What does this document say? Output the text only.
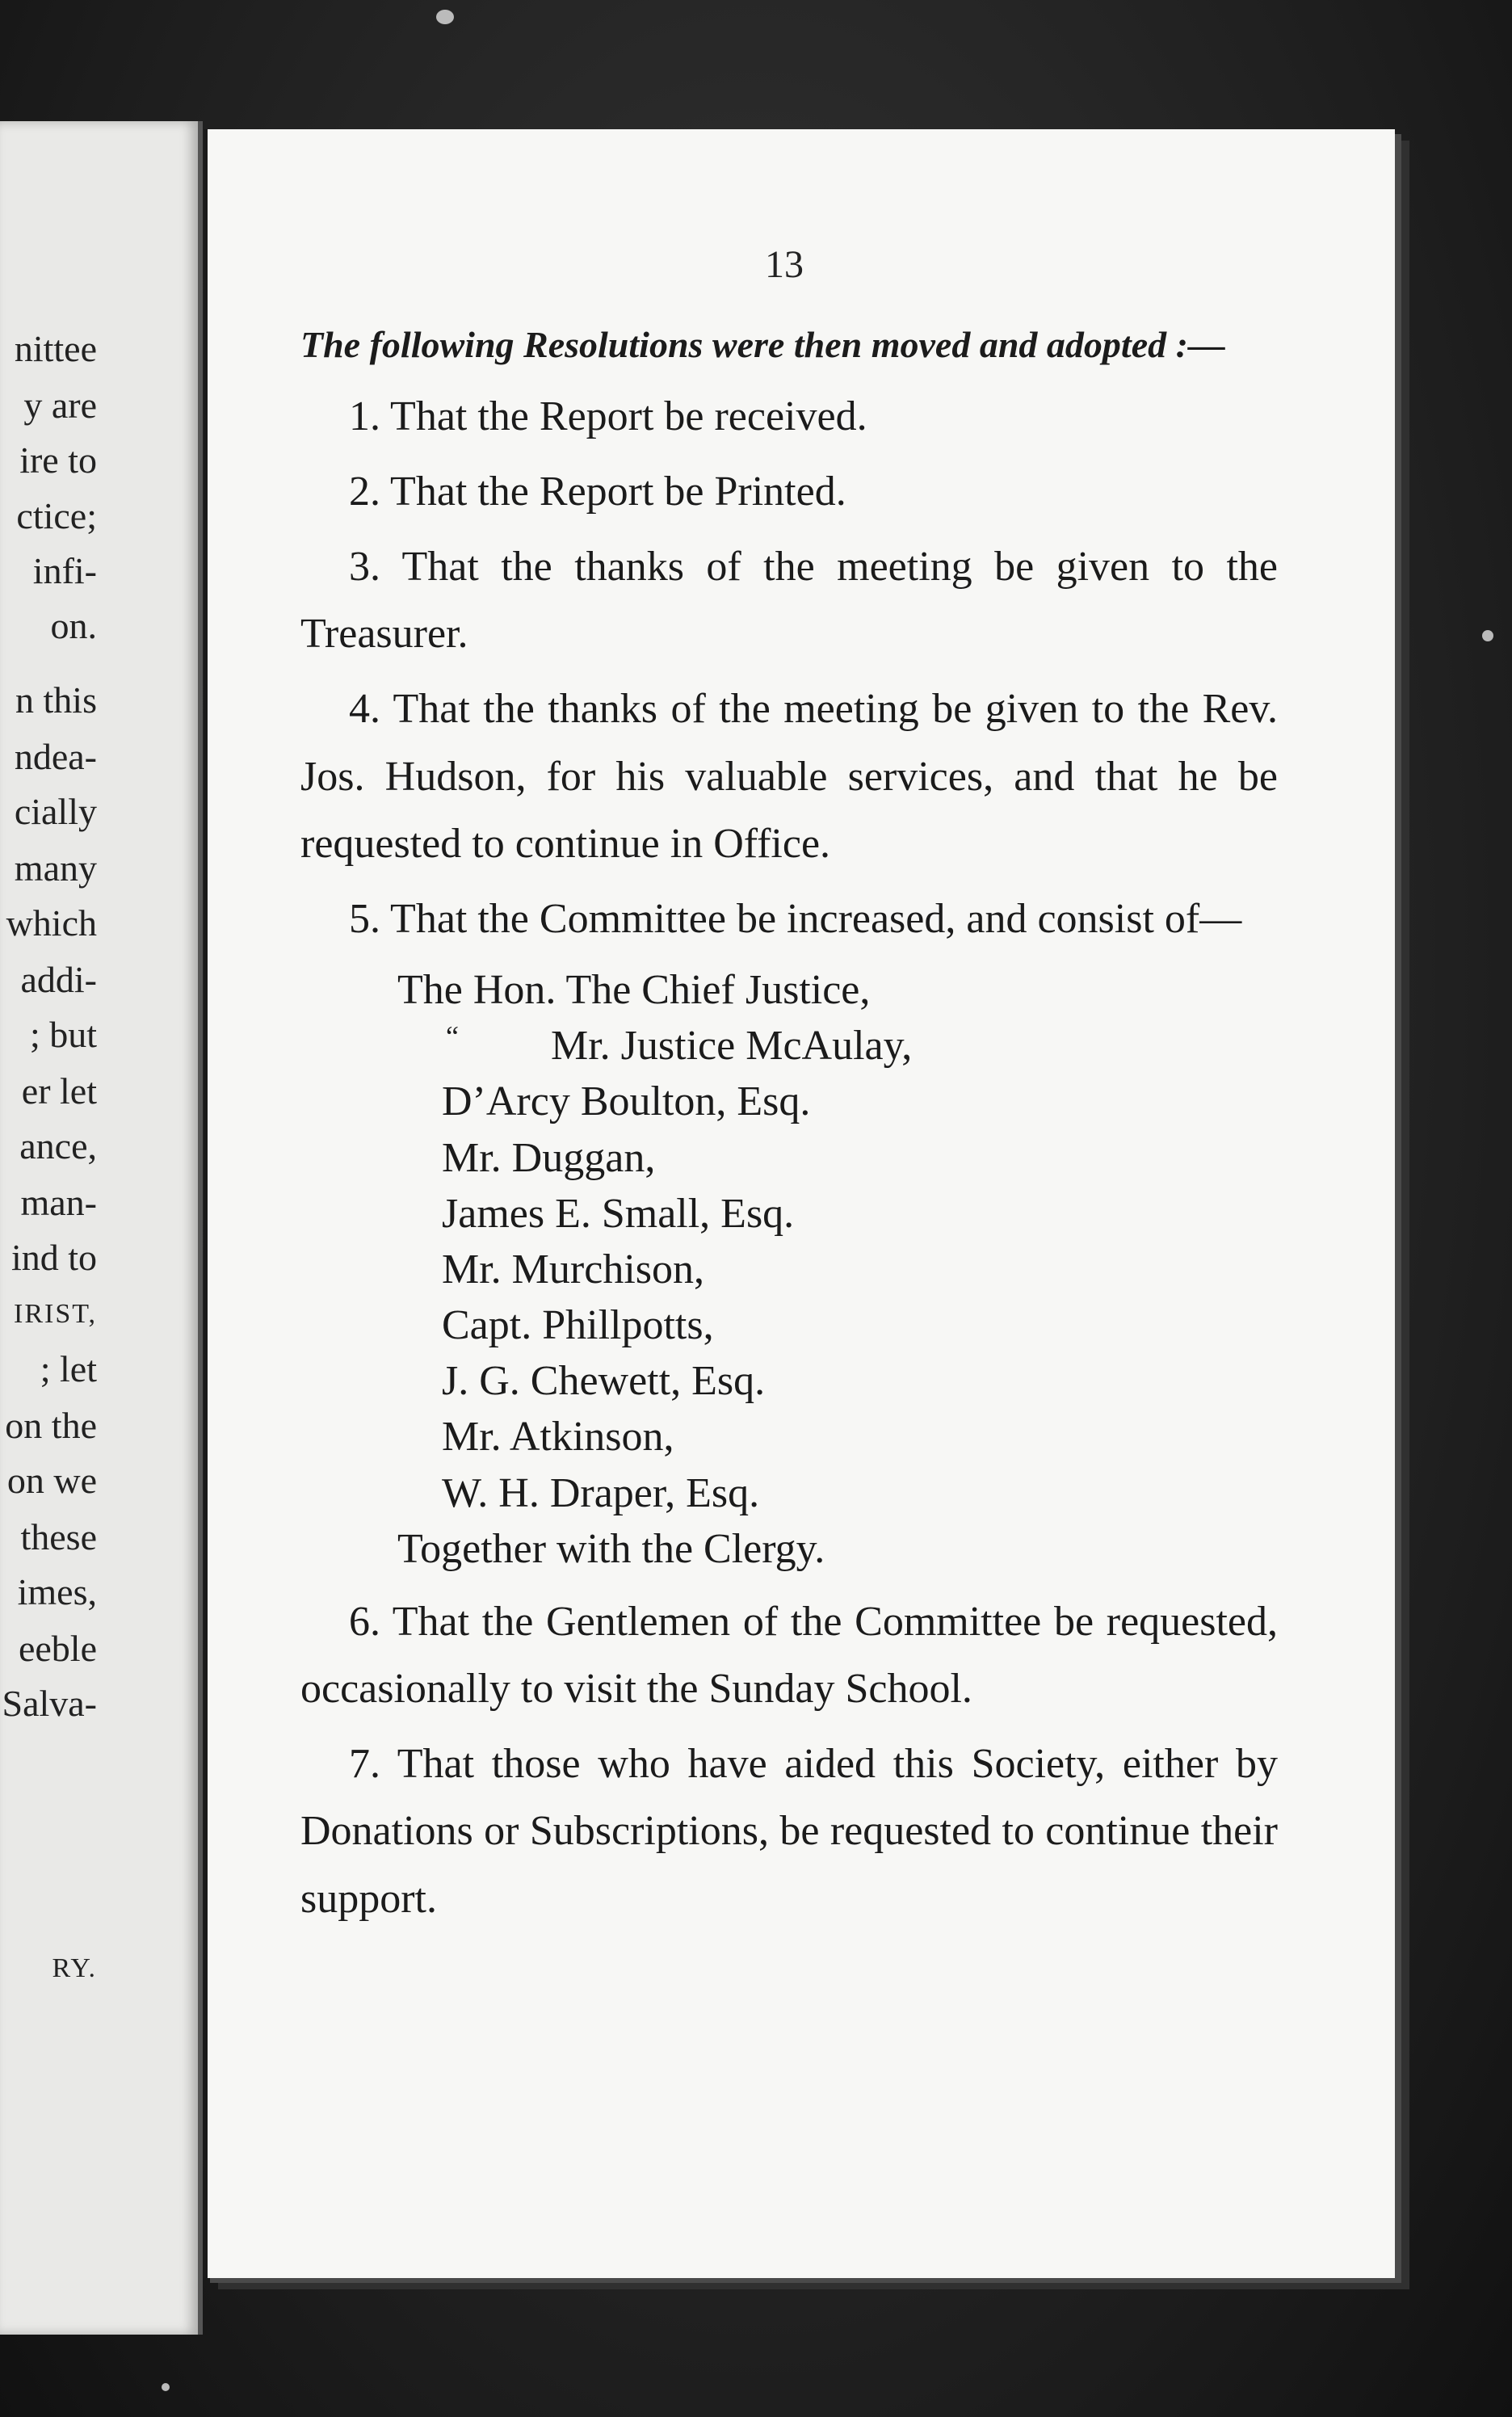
nittee

y are

ire to

ctice;

infi-

on.

n this

ndea-

cially

many

which

addi-

; but

er let

ance,

man-

ind to

IRIST,

; let

on the

on we

these

imes,

eeble

Salva-

RY.

13

The following Resolutions were then moved and adopted :—

1. That the Report be received.

2. That the Report be Printed.

3. That the thanks of the meeting be given to the Treasurer.

4. That the thanks of the meeting be given to the Rev. Jos. Hudson, for his valuable services, and that he be requested to continue in Office.

5. That the Committee be increased, and consist of—

The Hon. The Chief Justice,

“ Mr. Justice McAulay,

D’Arcy Boulton, Esq.

Mr. Duggan,

James E. Small, Esq.

Mr. Murchison,

Capt. Phillpotts,

J. G. Chewett, Esq.

Mr. Atkinson,

W. H. Draper, Esq.

Together with the Clergy.

6. That the Gentlemen of the Committee be requested, occasionally to visit the Sunday School.

7. That those who have aided this Society, either by Donations or Subscriptions, be requested to continue their support.
